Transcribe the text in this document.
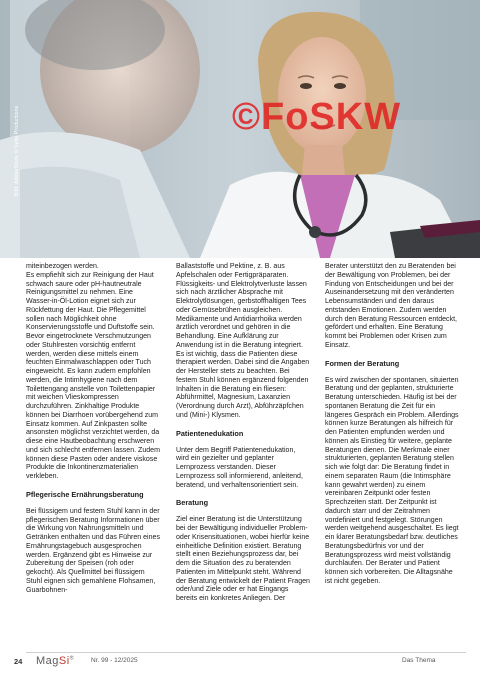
Bild: AdobeStock © Syda Productions	©FoSKW

miteinbezogen werden.

Es empfiehlt sich zur Reinigung der Haut schwach saure oder pH-hautneutrale Reinigungsmittel zu nehmen. Eine Wasser-in-Öl-Lotion eignet sich zur Rückfettung der Haut. Die Pflegemittel sollen nach Möglichkeit ohne Konservierungsstoffe und Duftstoffe sein. Bevor eingetrocknete Verschmutzungen oder Stuhlresten vorsichtig entfernt werden, werden diese mittels einem feuchten Einmalwaschlappen oder Tuch eingeweicht. Es kann zudem empfohlen werden, die Intimhygiene nach dem Toilettengang anstelle von Toilettenpapier mit weichen Vlieskompressen durchzuführen. Zinkhaltige Produkte können bei Diarrhoen vorübergehend zum Einsatz kommen. Auf Zinkpasten sollte ansonsten möglichst verzichtet werden, da diese eine Hautbeobachtung erschweren und sich schlecht entfernen lassen. Zudem können diese Pasten oder andere viskose Produkte die Inkontinenzmaterialien verkleben.

Pflegerische Ernährungsberatung

Bei flüssigem und festem Stuhl kann in der pflegerischen Beratung Informationen über die Wirkung von Nahrungsmitteln und Getränken enthalten und das Führen eines Ernährungstagebuch ausgesprochen werden. Ergänzend gibt es Hinweise zur Zubereitung der Speisen (roh oder gekocht). Als Quellmittel bei flüssigem Stuhl eignen sich gemahlene Flohsamen, Guarbohnen-

Ballaststoffe und Pektine, z. B. aus Apfelschalen oder Fertigpräparaten. Flüssigkeits- und Elektrolytverluste lassen sich nach ärztlicher Absprache mit Elektrolytlösungen, gerbstoffhaltigen Tees oder Gemüsebrühen ausgleichen. Medikamente und Antidiarrhoika werden ärztlich verordnet und gehören in die Behandlung. Eine Aufklärung zur Anwendung ist in die Beratung integriert. Es ist wichtig, dass die Patienten diese therapiert werden. Dabei sind die Angaben der Hersteller stets zu beachten. Bei festem Stuhl können ergänzend folgenden Inhalten in die Beratung ein fliesen: Abführmittel, Magnesium, Laxanzien (Verordnung durch Arzt), Abführzäpfchen und (Mini-) Klysmen.

Patientenedukation

Unter dem Begriff Patientenedukation, wird ein gezielter und geplanter Lernprozess verstanden. Dieser Lernprozess soll informierend, anleitend, beratend, und verhaltensorientiert sein.

Beratung

Ziel einer Beratung ist die Unterstützung bei der Bewältigung individueller Problem- oder Krisensituationen, wobei hierfür keine einheitliche Definition existiert. Beratung stellt einen Beziehungsprozess dar, bei dem die Situation des zu beratenden Patienten im Mittelpunkt steht. Während der Beratung entwickelt der Patient Fragen oder/und Ziele oder er hat Eingangs bereits ein konkretes Anliegen. Der

Berater unterstützt den zu Beratenden bei der Bewältigung von Problemen, bei der Findung von Entscheidungen und bei der Auseinandersetzung mit den veränderten Lebensumständen und den daraus entstanden Emotionen. Zudem werden durch den Beratung Ressourcen entdeckt, gefördert und erhalten. Eine Beratung kommt bei Problemen oder Krisen zum Einsatz.

Formen der Beratung

Es wird zwischen der spontanen, situierten Beratung und der geplanten, strukturierte Beratung unterschieden. Häufig ist bei der spontanen Beratung die Zeit für ein längeres Gespräch ein Problem. Allerdings können kurze Beratungen als hilfreich für den Patienten empfunden werden und können als Einstieg für weitere, geplante Beratungen dienen. Die Merkmale einer strukturierten, geplanten Beratung stellen sich wie folgt dar: Die Beratung findet in einem separaten Raum (die Intimsphäre kann gewahrt werden) zu einem vereinbaren Zeitpunkt oder festen Sprechzeiten statt. Der Zeitpunkt ist dadurch starr und der Zeitrahmen vordefiniert und festgelegt. Störungen werden weitgehend ausgeschaltet. Es liegt ein klarer Beratungsbedarf bzw. deutliches Beratungsbedürfnis vor und der Beratungsprozess wird meist vollständig durchlaufen. Der Berater und Patient können sich vorbereiten. Die Alltagsnähe ist nicht gegeben.

24 MagSi®	Nr. 99 - 12/2025	Das Thema
